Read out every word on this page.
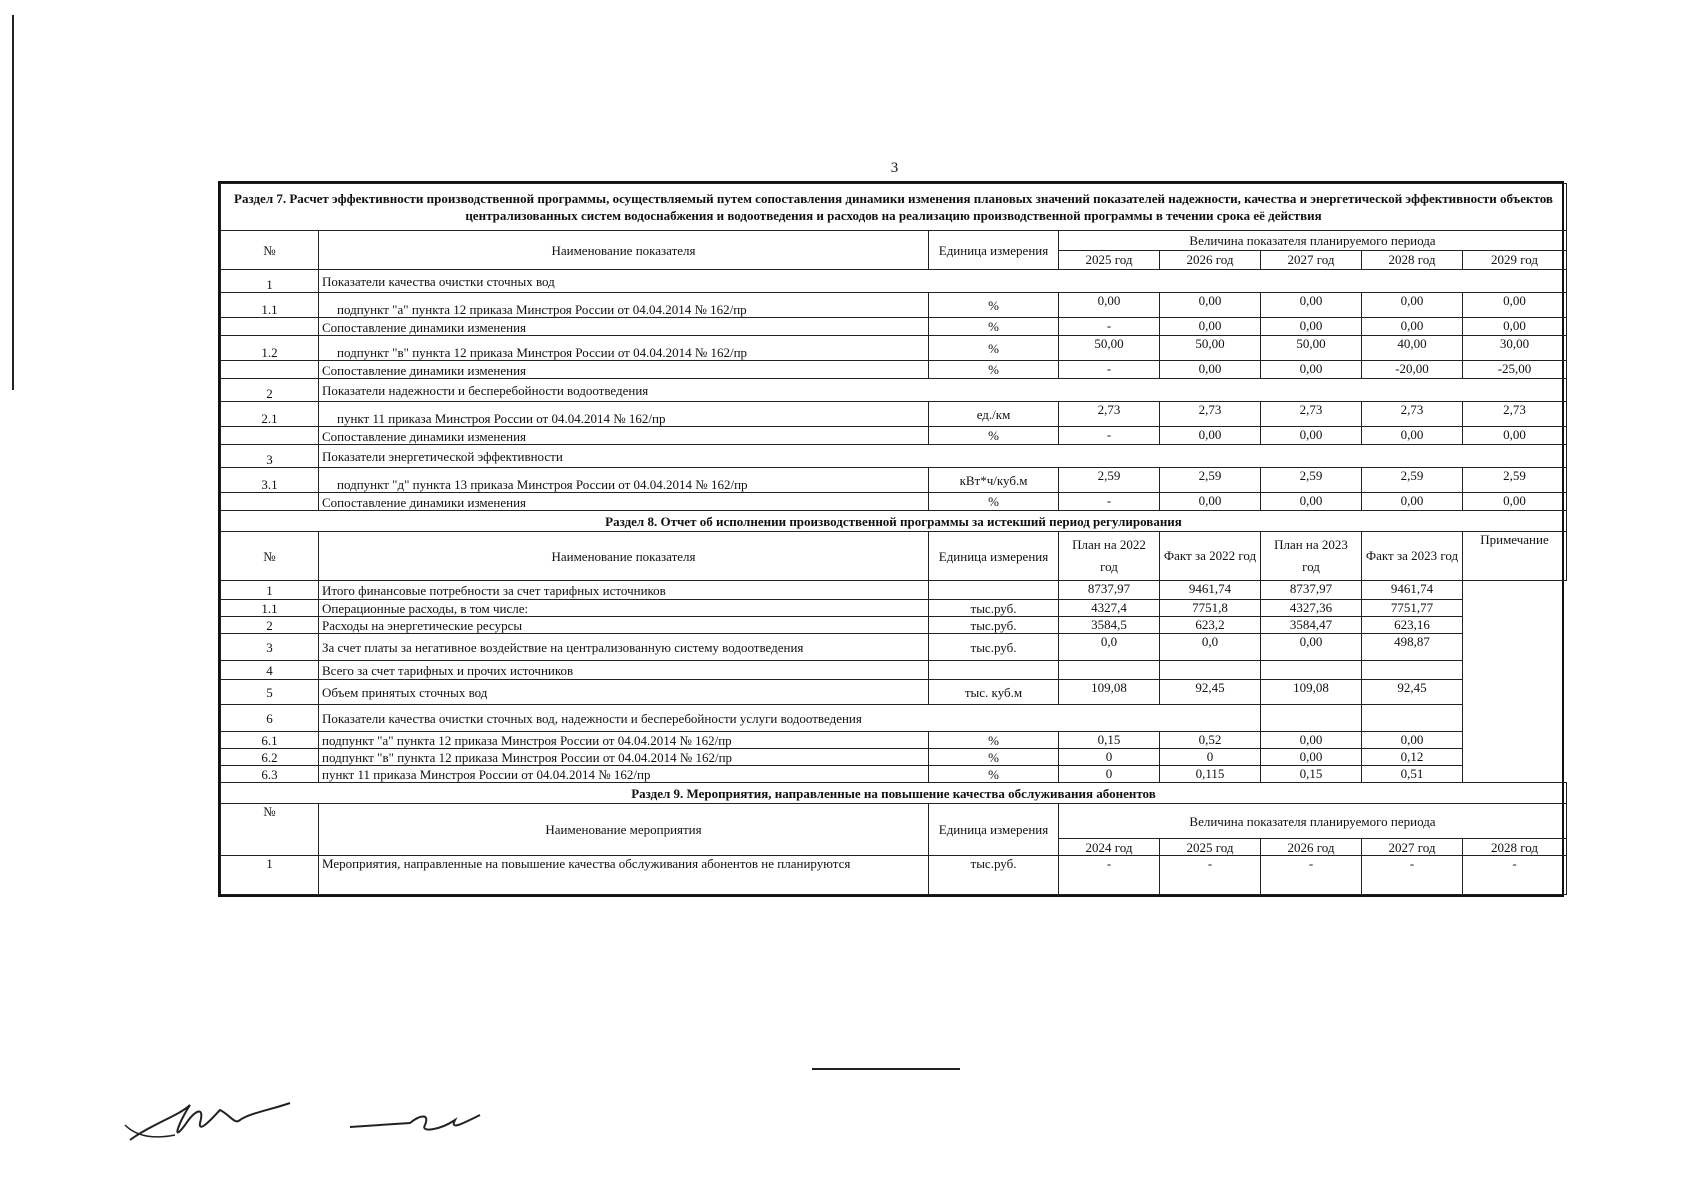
3
Раздел 7. Расчет эффективности производственной программы, осуществляемый путем сопоставления динамики изменения плановых значений показателей надежности, качества и энергетической эффективности объектов централизованных систем водоснабжения и водоотведения и расходов на реализацию производственной программы в течении срока её действия							
№	Наименование показателя	Единица измерения	Величина показателя планируемого периода				
			2025 год	2026 год	2027 год	2028 год	2029 год
1	Показатели качества очистки сточных вод						
1.1	подпункт "а" пункта 12 приказа Минстроя России от 04.04.2014 № 162/пр	%	0,00	0,00	0,00	0,00	0,00
	Сопоставление динамики изменения	%	-	0,00	0,00	0,00	0,00
1.2	подпункт "в" пункта 12 приказа Минстроя России от 04.04.2014 № 162/пр	%	50,00	50,00	50,00	40,00	30,00
	Сопоставление динамики изменения	%	-	0,00	0,00	-20,00	-25,00
2	Показатели надежности и бесперебойности водоотведения						
2.1	пункт 11 приказа Минстроя России от 04.04.2014 № 162/пр	ед./км	2,73	2,73	2,73	2,73	2,73
	Сопоставление динамики изменения	%	-	0,00	0,00	0,00	0,00
3	Показатели энергетической эффективности						
3.1	подпункт "д" пункта 13 приказа Минстроя России от 04.04.2014 № 162/пр	кВт*ч/куб.м	2,59	2,59	2,59	2,59	2,59
	Сопоставление динамики изменения	%	-	0,00	0,00	0,00	0,00
Раздел 8. Отчет об исполнении производственной программы за истекший период регулирования							
№	Наименование показателя	Единица измерения	План на 2022 год	Факт за 2022 год	План на 2023 год	Факт за 2023 год	Примечание
1	Итого финансовые потребности за счет тарифных источников		8737,97	9461,74	8737,97	9461,74	
1.1	Операционные расходы, в том числе:	тыс.руб.	4327,4	7751,8	4327,36	7751,77	
2	Расходы на энергетические ресурсы	тыс.руб.	3584,5	623,2	3584,47	623,16	
3	За счет платы за негативное воздействие на централизованную систему водоотведения	тыс.руб.	0,0	0,0	0,00	498,87	
4	Всего за счет тарифных и прочих источников						
5	Объем принятых сточных вод	тыс. куб.м	109,08	92,45	109,08	92,45	
6	Показатели качества очистки сточных вод, надежности и бесперебойности услуги водоотведения						
6.1	подпункт "а" пункта 12 приказа Минстроя России от 04.04.2014 № 162/пр	%	0,15	0,52	0,00	0,00	
6.2	подпункт "в" пункта 12 приказа Минстроя России от 04.04.2014 № 162/пр	%	0	0	0,00	0,12	
6.3	пункт 11 приказа Минстроя России от 04.04.2014 № 162/пр	%	0	0,115	0,15	0,51	
Раздел 9. Мероприятия, направленные на повышение качества обслуживания абонентов							
№	Наименование мероприятия	Единица измерения	Величина показателя планируемого периода				
			2024 год	2025 год	2026 год	2027 год	2028 год
1	Мероприятия, направленные на повышение качества обслуживания абонентов не планируются	тыс.руб.	-	-	-	-	-
